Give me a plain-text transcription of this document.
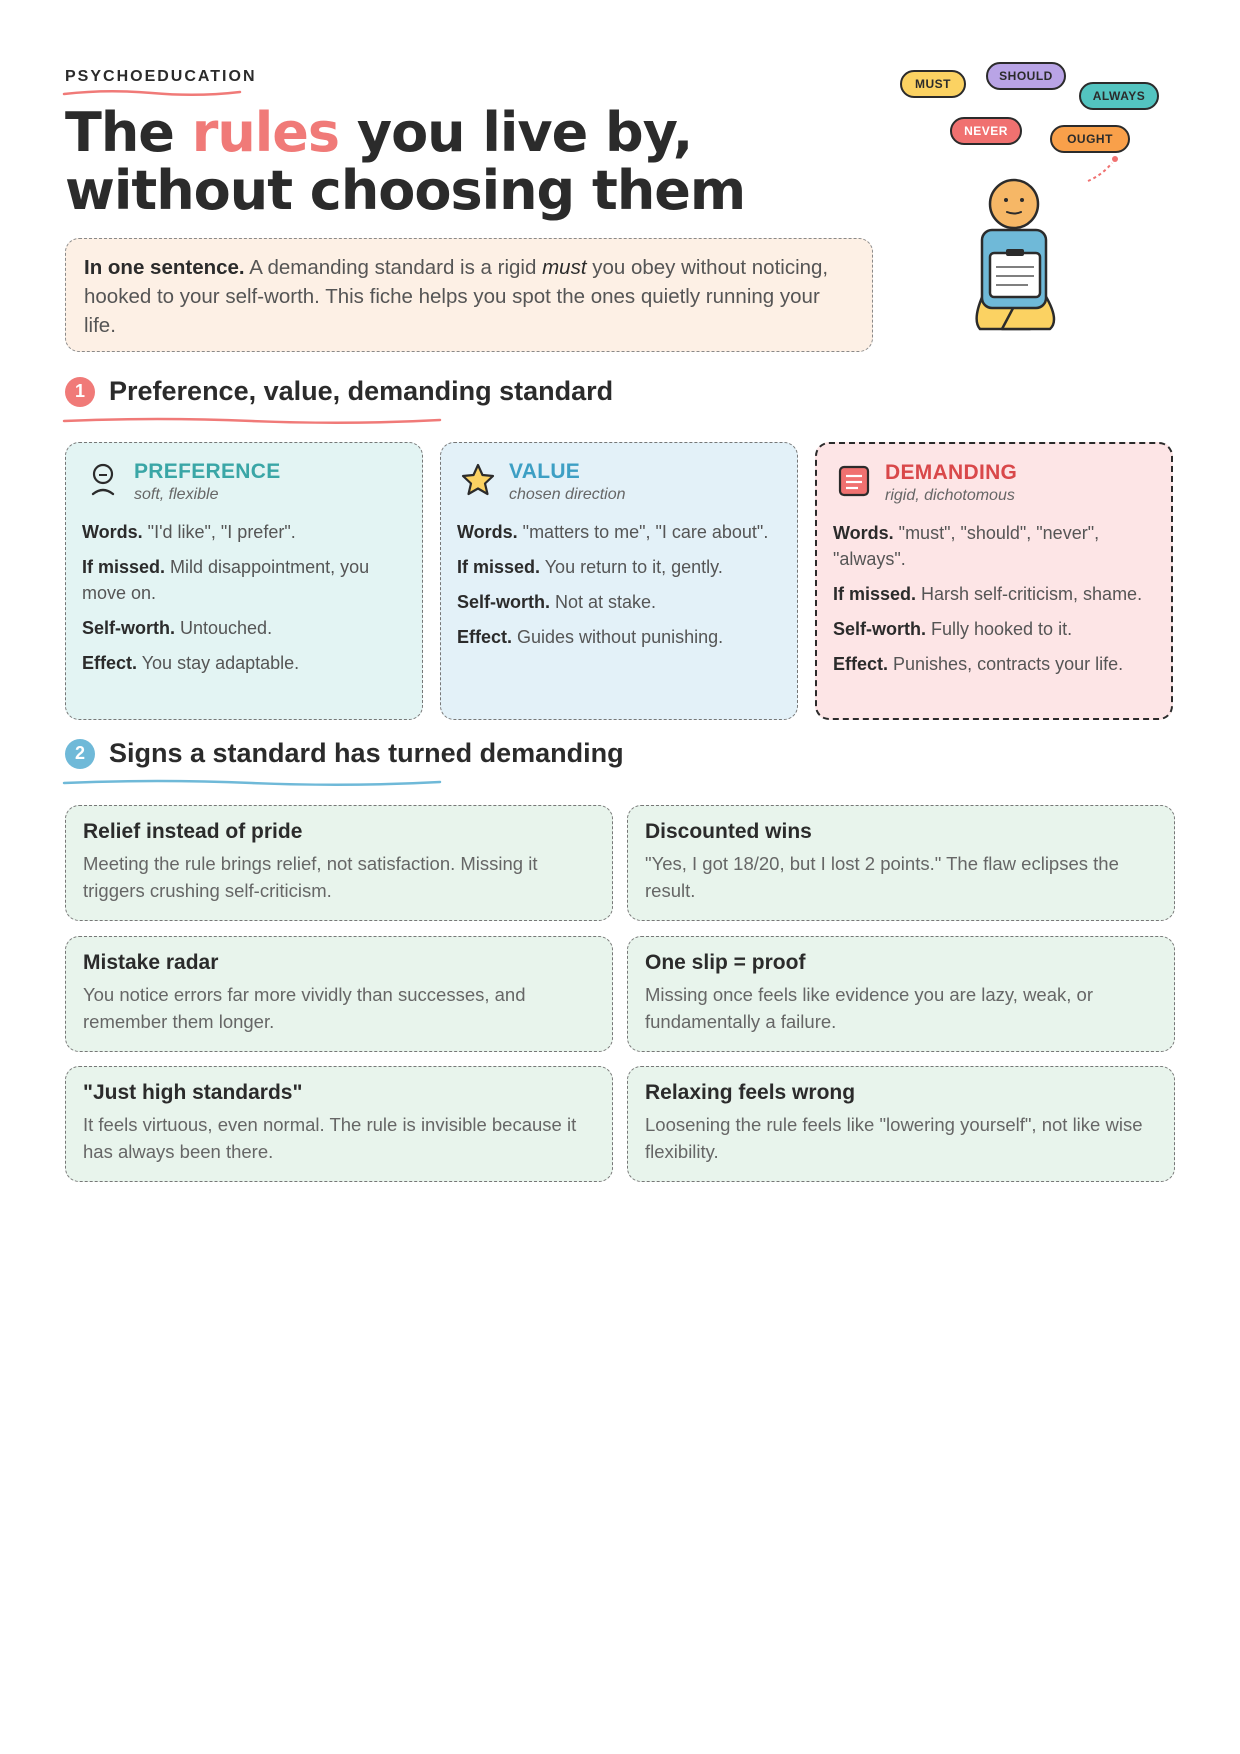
PSYCHOEDUCATION
The rules you live by, without choosing them
In one sentence. A demanding standard is a rigid must you obey without noticing, hooked to your self-worth. This fiche helps you spot the ones quietly running your life.
MUST
SHOULD
ALWAYS
NEVER
OUGHT
1 Preference, value, demanding standard
PREFERENCE
soft, flexible
Words. "I'd like", "I prefer".
If missed. Mild disappointment, you move on.
Self-worth. Untouched.
Effect. You stay adaptable.
VALUE
chosen direction
Words. "matters to me", "I care about".
If missed. You return to it, gently.
Self-worth. Not at stake.
Effect. Guides without punishing.
DEMANDING
rigid, dichotomous
Words. "must", "should", "never", "always".
If missed. Harsh self-criticism, shame.
Self-worth. Fully hooked to it.
Effect. Punishes, contracts your life.
2 Signs a standard has turned demanding
Relief instead of pride
Meeting the rule brings relief, not satisfaction. Missing it triggers crushing self-criticism.
Discounted wins
"Yes, I got 18/20, but I lost 2 points." The flaw eclipses the result.
Mistake radar
You notice errors far more vividly than successes, and remember them longer.
One slip = proof
Missing once feels like evidence you are lazy, weak, or fundamentally a failure.
"Just high standards"
It feels virtuous, even normal. The rule is invisible because it has always been there.
Relaxing feels wrong
Loosening the rule feels like "lowering yourself", not like wise flexibility.
